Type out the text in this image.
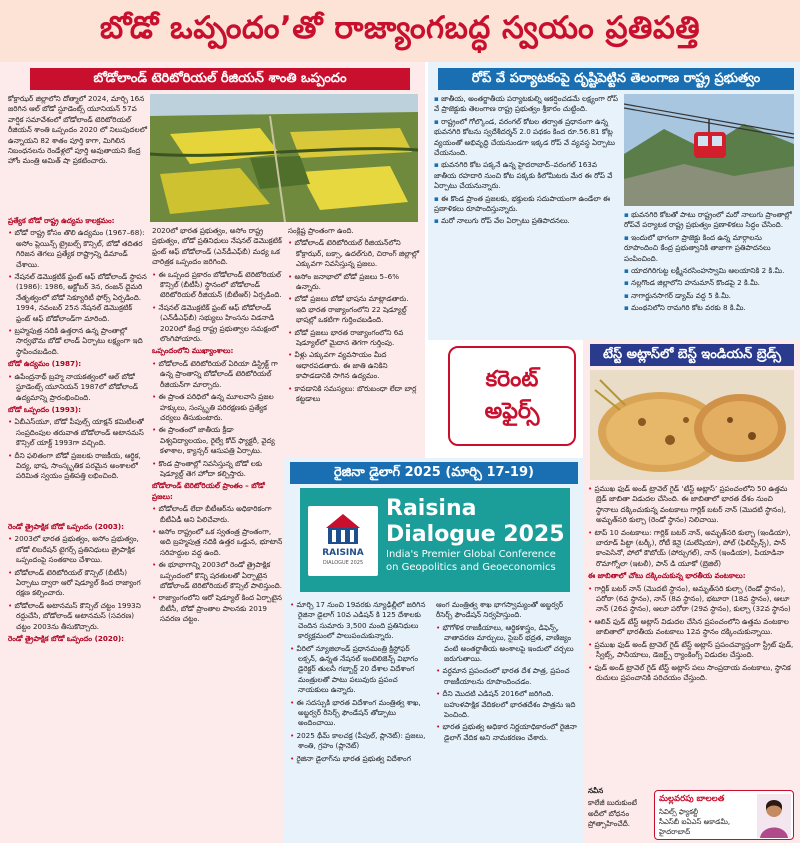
బోడో ఒప్పందం’తో రాజ్యాంగబద్ధ స్వయం ప్రతిపత్తి
బోడోలాండ్‌ టెరిటోరియల్‌ రీజియన్‌ శాంతి ఒప్పందం

కోక్రాఝర్‌ జిల్లాలోని దోత్మాలో 2024, మార్చి 16న జరిగిన ఆల్‌ బోడో స్టూడెంట్స్‌ యూనియన్‌ 57వ వార్షిక సమావేశంలో బోడోలాండ్‌ టెరిటోరియల్‌ రీజియన్‌ శాంతి ఒప్పందం 2020 లో నిలుపుదలలో ఉన్నాయని 82 శాతం పూర్తి కాగా, మిగిలిన నిబంధనలను రెండేళ్లలో పూర్తి అవుతాయని కేంద్ర హోం మంత్రి అమిత్‌ షా ప్రకటించారు.

ప్రత్యేక బోడో రాష్ట్ర ఉద్యమ కాలక్రమం:

• బోడో రాష్ట్ర కోసం తొలి ఉద్యమం (1967–68): అసోం ప్లెయిన్స్‌ ట్రైబల్స్‌ కౌన్సిల్‌, బోడో తదితర గిరిజన తెగలు ప్రత్యేక రాష్ట్రాన్ని డిమాండ్‌ చేశాయి.

• నేషనల్‌ డెమొక్రటిక్‌ ఫ్రంట్‌ ఆఫ్‌ బోడోలాండ్‌ స్థాపన (1986): 1986, అక్టోబర్‌ 3న, రంజన్‌ దైమరి నేతృత్వంలో బోడో సెక్యూరిటీ ఫోర్స్‌ ఏర్పడింది. 1994, నవంబర్‌ 25న నేషనల్‌ డెమొక్రటిక్‌ ఫ్రంట్‌ ఆఫ్‌ బోడోలాండ్‌గా మారింది.

• బ్రహ్మపుత్ర నదికి ఉత్తరాన ఉన్న ప్రాంతాల్లో సార్వభౌమ బోడో లాండ్‌ ఏర్పాటు లక్ష్యంగా ఇది స్థాపించబడింది.

బోడో ఉద్యమం (1987):

• ఉపేంద్రనాథ్‌ బ్రహ్మ నాయకత్వంలో ఆల్‌ బోడో స్టూడెంట్స్‌ యూనియన్‌ 1987లో బోడోలాండ్‌ ఉద్యమాన్ని ప్రారంభించింది.

బోడో ఒప్పందం (1993):

• ఏబీఎస్‌యూ, బోడో పీపుల్స్‌ యాక్షన్‌ కమిటీలతో సంప్రదింపుల తరువాత బోడోలాండ్‌ అటానమస్‌ కౌన్సిల్‌ యాక్ట్‌ 1993గా వచ్చింది.

• దీని ఫలితంగా బోడో ప్రజలకు రాజకీయ, ఆర్థిక, విద్య, భాష, సాంస్కృతిక పరమైన అంశాలలో పరిమిత స్వయం ప్రతిపత్తి లభించింది.

రెండో త్రైపాక్షిక బోడో ఒప్పందం (2003):

• 2003లో భారత ప్రభుత్వం, అసోం ప్రభుత్వం, బోడో లిబరేషన్‌ టైగర్స్‌ ప్రతినిధులు త్రైపాక్షిక ఒప్పందంపై సంతకాలు చేశాయి.

• బోడోలాండ్‌ టెరిటోరియల్‌ కౌన్సిల్‌ (బీటీసీ) ఏర్పాటు ద్వారా ఆరో షెడ్యూల్‌ కింద రాజ్యాంగ రక్షణ కల్పించారు.

• బోడోలాండ్‌ అటానమస్‌ కౌన్సిల్‌ చట్టం 1993ని రద్దుచేసి, బోడోలాండ్‌ అటానమస్‌ (సవరణ) చట్టం 2003ను తీసుకొచ్చారు.

రెండో త్రైపాక్షిక బోడో ఒప్పందం (2020):

2020లో భారత ప్రభుత్వం, అసోం రాష్ట్ర ప్రభుత్వం, బోడో ప్రతినిధులు నేషనల్‌ డెమొక్రటిక్‌ ఫ్రంట్‌ ఆఫ్‌ బోడోలాండ్‌ (ఎన్‌డీఎఫ్‌బీ) మధ్య ఒక చారిత్రక ఒప్పందం జరిగింది.

• ఈ ఒప్పంద ప్రకారం బోడోలాండ్‌ టెరిటోరియల్‌ కౌన్సిల్‌ (బీటీసీ) స్థానంలో బోడోలాండ్‌ టెరిటోరియల్‌ రీజియన్‌ (బీటీఆర్‌) ఏర్పడింది.

• నేషనల్‌ డెమొక్రటిక్‌ ఫ్రంట్‌ ఆఫ్‌ బోడోలాండ్‌ (ఎన్‌డీఎఫ్‌బీ) సభ్యులు హింసను విడనాడి 2020లో కేంద్ర రాష్ట్ర ప్రభుత్వాల సమక్షంలో లొంగిపోయారు.

ఒప్పందంలోని ముఖ్యాంశాలు:

• బోడోలాండ్‌ టెరిటోరియల్‌ ఏరియా డిస్ట్రిక్ట్‌ గా ఉన్న ప్రాంతాన్ని బోడోలాండ్‌ టెరిటోరియల్‌ రీజియన్‌గా మార్చారు.

• ఈ ప్రాంత పరిధిలో ఉన్న మూలవాసి ప్రజల హక్కులు, సంస్కృతి పరిరక్షణకు ప్రత్యేక చర్యలు తీసుకుంటారు.

• ఈ ప్రాంతంలో జాతీయ క్రీడా విశ్వవిద్యాలయం, రైల్వే కోచ్‌ ఫ్యాక్టరీ, వైద్య కళాశాల, క్యాన్సర్‌ ఆసుపత్రి ఏర్పాటు.

• కొండ ప్రాంతాల్లో నివసిస్తున్న బోడో లకు షెడ్యూల్డ్‌ తెగ హోదా కల్పిస్తారు.

బోడోలాండ్‌ టెరిటోరియల్‌ ప్రాంతం – బోడో ప్రజలు:

• బోడోలాండ్‌ లేదా బీటీఆర్‌ను అధికారికంగా బీటీఏడీ అని పిలిచేవారు.

• అసోం రాష్ట్రంలో ఒక స్వతంత్ర ప్రాంతంగా, అది బ్రహ్మపుత్ర నదికి ఉత్తర ఒడ్డున, భూటాన్‌ సరిహద్దుల వద్ద ఉంది.

• ఈ భూభాగాన్ని 2003లో రెండో త్రైపాక్షిక ఒప్పందంలో కొన్ని షరతులతో ఏర్పాటైన బోడోలాండ్‌ టెరిటోరియల్‌ కౌన్సిల్‌ పాలిస్తుంది.

• రాజ్యాంగంలోని ఆరో షెడ్యూల్‌ కింద ఏర్పాటైన బీటీసీ, బోడో ప్రాంతాల పాలనకు 2019 సవరణ చట్టం.

సంక్లిష్ట ప్రాంతంగా ఉంది.

• బోడోలాండ్‌ టెరిటోరియల్‌ రీజియన్‌లోని కోక్రాఝర్‌, బక్సా, ఉదల్‌గురి, చిరాంగ్‌ జిల్లాల్లో ఎక్కువగా నివసిస్తున్న ప్రజలు.

• అసోం జనాభాలో బోడో ప్రజలు 5–6% ఉన్నారు.

• బోడో ప్రజలు బోడో భాషను మాట్లాడతారు. ఇది భారత రాజ్యాంగంలోని 22 షెడ్యూల్డ్‌ భాషల్లో ఒకటిగా గుర్తించబడింది.

• బోడో ప్రజలు భారత రాజ్యాంగంలోని 6వ షెడ్యూల్‌లో మైదాన తెగగా గుర్తింపు.

• వీళ్లు ఎక్కువగా వ్యవసాయం మీద ఆధారపడతారు. ఈ జాతి ఉనికిని కాపాడడానికి సాగిన ఉద్యమం.

• కావడానికి సమస్యలు: బొరుబంధా లేదా బార్ల కట్టడాలు

రోప్‌ వే పర్యాటకంపై దృష్టిపెట్టిన తెలంగాణ రాష్ట్ర ప్రభుత్వం

▪ జాతీయ, అంతర్జాతీయ పర్యాటకుల్ని ఆకర్షించడమే లక్ష్యంగా రోప్‌ వే ప్రాజెక్టుకు తెలంగాణ రాష్ట్ర ప్రభుత్వం శ్రీకారం చుట్టింది.

▪ రాష్ట్రంలో గోల్కొండ, వరంగల్‌ కోటల తర్వాత ప్రధానంగా ఉన్న భువనగిరి కోటను స్వదేశీదర్శన్‌ 2.0 పథకం కింద రూ.56.81 కోట్ల వ్యయంతో అభివృద్ధి చేయనుండగా ఇక్కడ రోప్‌ వే వ్యవస్థ ఏర్పాటు చేయనుంది.

▪ భువనగిరి కోట పక్కనే ఉన్న హైదరాబాద్‌–వరంగల్‌ 163వ జాతీయ రహదారి నుంచి కోట పక్కకు కిలోమీటరు మేర ఈ రోప్‌ వే ఏర్పాటు చేయనున్నారు.

▪ ఈ కొండ ప్రాంత ప్రజలకు, భక్తులకు సదుపాయంగా ఉండేలా ఈ ప్రణాళికలు రూపొందిస్తున్నారు.

▪ మరో నాలుగు రోప్‌ వేల ఏర్పాటు ప్రతిపాదనలు.

▪ భువనగిరి కోటతో పాటు రాష్ట్రంలో మరో నాలుగు ప్రాంతాల్లో రోప్‌వే పర్యాటక రాష్ట్ర ప్రభుత్వం ప్రణాళికలు సిద్ధం చేసింది.

▪ ఇందులో భాగంగా ప్రాజెక్టు కింద ఉన్న మార్గాలను రూపొందించి కేంద్ర ప్రభుత్వానికి తాజాగా ప్రతిపాదనలు పంపించింది.

▪ యాదగిరిగుట్ట లక్ష్మీనరసింహస్వామి ఆలయానికి 2 కి.మీ.

▪ నల్లగొండ జిల్లాలోని హనుమాన్‌ కొండపై 2 కి.మీ.

▪ నాగార్జునసాగర్‌ డ్యామ్‌ వద్ద 5 కి.మీ.

▪ మంథనిలోని రామగిరి కోట వరకు 8 కి.మీ.

కరెంట్‌
అఫైర్స్‌
టేస్ట్‌ అట్లాస్‌లో బెస్ట్‌ ఇండియన్‌ బ్రెడ్స్‌

• ప్రముఖ ఫుడ్‌ అండ్‌ ట్రావెల్‌ గైడ్‌ ‘టేస్ట్‌ అట్లాస్‌’ ప్రపంచంలోని 50 ఉత్తమ బ్రెడ్‌ జాబితా విడుదల చేసింది. ఈ జాబితాలో భారత దేశం నుంచి స్థానాలు దక్కించుకున్న వంటకాలు గార్లిక్‌ బటర్‌ నాన్‌ (మొదటి స్థానం), అమృత్‌సరి కుల్చా (రెండో స్థానం) నిలిచాయి.

• టాప్‌ 10 వంటకాలు: గార్లిక్‌ బటర్‌ నాన్‌, అమృత్‌సరి కుల్చా (ఇండియా), బారూడ్‌ పిట్టా (టర్కీ), రోటీ కెనై (మలేషియా), పోల్‌ (ఫిలిప్పీన్స్‌), పాన్‌ కాంపెసినో, పోలో కౌబోయ్‌ (పోర్చుగల్‌), నాన్‌ (ఇండియా), పియాడినా రొమాగ్నోలా (ఇటలీ), పాన్‌ డి యూకో (బ్రెజిల్‌)

ఈ జాబితాలో చోటు దక్కించుకున్న భారతీయ వంటకాలు:

• గార్లిక్‌ బటర్‌ నాన్‌ (మొదటి స్థానం), అమృత్‌సరి కుల్చా (రెండో స్థానం), పరోఠా (6వ స్థానం), నాన్‌ (8వ స్థానం), భటూరా (18వ స్థానం), ఆలూ నాన్‌ (26వ స్థానం), ఆలూ పరోఠా (29వ స్థానం), కుల్చా (32వ స్థానం)

• ఆలివ్‌ ఫుడ్‌ టేస్ట్‌ అట్లాస్‌ విడుదల చేసిన ప్రపంచంలోని ఉత్తమ వంటకాల జాబితాలో భారతీయ వంటకాలు 12వ స్థానం దక్కించుకున్నాయి.

• ప్రముఖ ఫుడ్‌ అండ్‌ ట్రావెల్‌ గైడ్‌ టేస్ట్‌ అట్లాస్‌ ప్రపంచవ్యాప్తంగా స్ట్రీట్‌ ఫుడ్‌, స్వీట్స్‌, పానీయాలు, డెజర్ట్స్‌ ర్యాంకింగ్స్‌ విడుదల చేస్తుంది.

• ఫుడ్‌ అండ్‌ ట్రావెల్‌ గైడ్‌ టేస్ట్‌ అట్లాస్‌ పలు సాంప్రదాయ వంటకాలు, స్థానిక రుచులు ప్రపంచానికి పరిచయం చేస్తుంది.

నవీన

కాలేజీ బురుకుంటే అదీలో బోధనం ప్రోత్సాహించేదీ.

మల్లవరపు బాలలత
సివిల్స్‌ ఫ్యాకల్టీ
సీఎస్‌బీ ఐఏఎస్‌ అకాడమీ,
హైదరాబాద్‌
రైజినా డైలాగ్‌ 2025 (మార్చి 17-19)
RAISINA
DIALOGUE 2025
Raisina Dialogue 2025
India's Premier Global Conference on Geopolitics and Geoeconomics

• మార్చి 17 నుంచి 19వరకు న్యూఢిల్లీలో జరిగిన రైజినా డైలాగ్‌ 10వ ఎడిషన్‌ కి 125 దేశాలకు చెందిన సుమారు 3,500 మంది ప్రతినిధులు కార్యక్రమంలో పాలుపంచుకున్నారు.

• వీరిలో న్యూజిలాండ్‌ ప్రధానమంత్రి క్రిస్టోఫర్‌ లక్సన్‌, ఉన్నత నేషనల్‌ ఇంటెలిజెన్స్‌ విభాగం డైరెక్టర్‌ తులసీ గబ్బార్డ్‌ 20 దేశాల విదేశాంగ మంత్రులతో పాటు పలువురు ప్రపంచ నాయకులు ఉన్నారు.

• ఈ సదస్సుకి భారత విదేశాంగ మంత్రిత్వ శాఖ, అబ్జర్వర్‌ రీసెర్చ్‌ ఫౌండేషన్‌ తోడ్పాటు అందించాయి.

• 2025 థీమ్‌ కాలచక్ర (పీపుల్‌, ప్లానెట్‌): ప్రజలు, శాంతి, గ్రహం (ప్లానెట్‌)

• రైజినా డైలాగ్‌ను భారత ప్రభుత్వ విదేశాంగ

ఆంగ మంత్రిత్వ శాఖ భాగస్వామ్యంతో అబ్జర్వర్‌ రీసెర్చ్‌ ఫౌండేషన్‌ నిర్వహిస్తుంది.

• భౌగోళిక రాజకీయాలు, ఆర్థికశాస్త్రం, డిఫెన్స్‌, వాతావరణ మార్పులు, సైబర్‌ భద్రత, వాణిజ్యం వంటి అంతర్జాతీయ అంశాలపై ఇందులో చర్చలు జరుగుతాయి.

• వర్ధమాన ప్రపంచంలో భారత దేశ పాత్ర, ప్రపంచ రాజకీయాలను రూపొందించడం.

• దీని మొదటి ఎడిషన్‌ 2016లో జరిగింది. బహుళపాక్షిక వేదికలలో భారతదేశం పాత్రను ఇది పెంచింది.

• భారత ప్రభుత్వ అధికార నిర్ణయాధికారంలో రైజినా డైలాగ్‌ వేదిక అని నామకరణం చేశారు.
